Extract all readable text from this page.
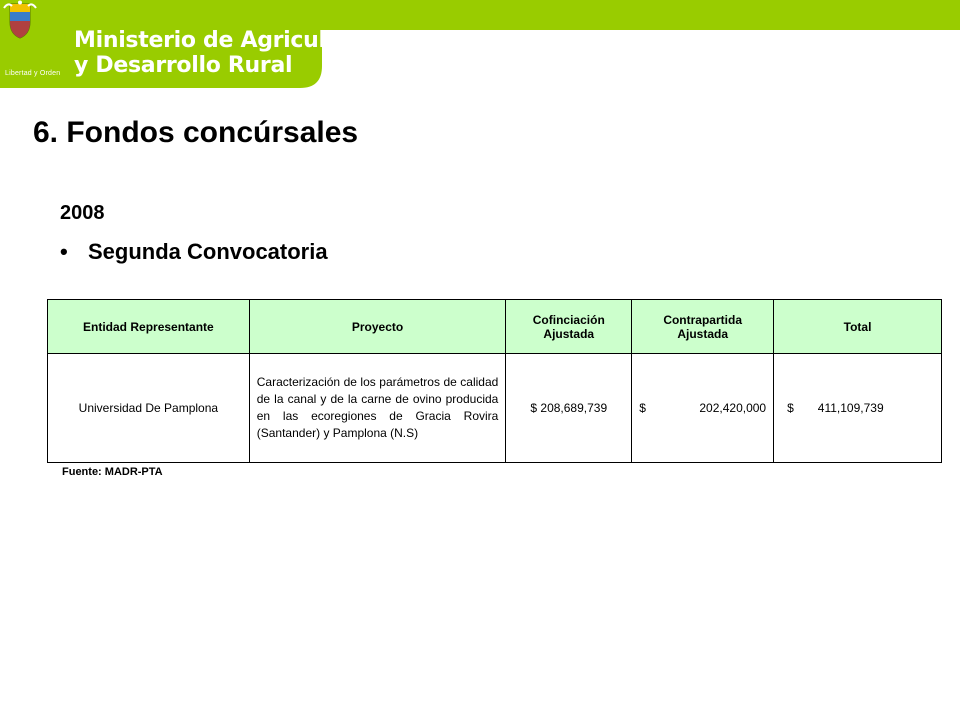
Libertad y Orden
Ministerio de Agricultura
y Desarrollo Rural
6. Fondos concúrsales
2008
• Segunda Convocatoria
Entidad Representante	Proyecto	Cofinciación Ajustada	Contrapartida Ajustada	Total
Universidad De Pamplona	Caracterización de los parámetros de calidad de la canal y de la carne de ovino producida en las ecoregiones de Gracia Rovira (Santander) y Pamplona (N.S)	$ 208,689,739	$ 202,420,000	$ 411,109,739
Fuente: MADR-PTA
